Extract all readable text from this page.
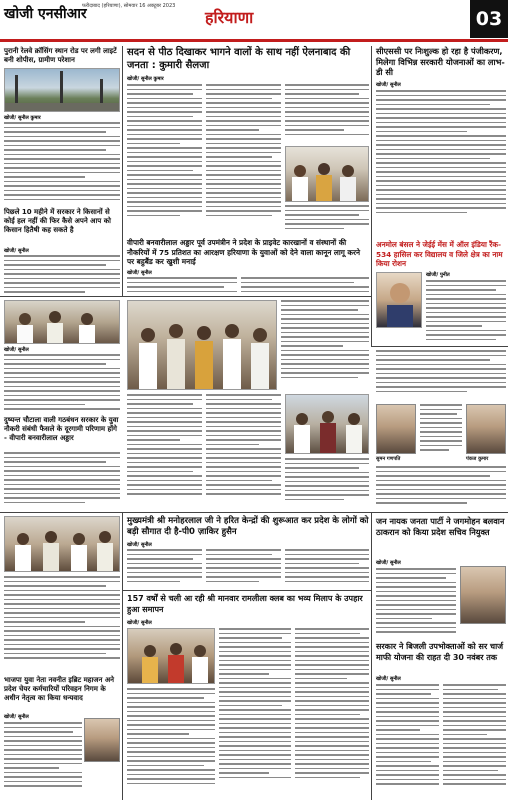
खोजी एनसीआर
फरीदाबाद (हरियाणा), सोमवार 16 अक्टूबर 2023
हरियाणा	03
पुरानी रेलवे क्रॉसिंग स्थान रोड पर लगी लाइटें बनी शोपीस, ग्रामीण परेशान
खोजी/ सुनील कुमार
पिछले 10 महीने में सरकार ने किसानों से कोई हल नहीं की फिर कैसे अपने आप को किसान हितैषी कह सकते है
खोजी/ सुनील
सदन से पीठ दिखाकर भागने वालों के साथ नहीं ऐलनाबाद की जनता : कुमारी सैलजा
खोजी/ सुनील कुमार
वीपारी बनवारीलाल अड्डार पूर्व उपमंत्रीन ने प्रदेश के प्राइवेट कारखानों व संस्थानों की नौकरियों में 75 प्रतिशत का आरक्षण हरियाणा के युवाओं को देने वाला कानून लागू करने पर बहुबैंड कर खुशी मनाई
खोजी/ सुनील
सीएससी पर निःशुल्क हो रहा है पंजीकरण, मिलेगा विभिन्न सरकारी योजनाओं का लाभ- डी सी
खोजी/ सुनील
अनमोल बंसल ने जेईई मेंस में ऑल इंडिया रैंक- 534 हासिल कर विद्यालय व जिले क्षेत्र का नाम किया रोशन
खोजी/ पुनीत
खोजी/ सुनील
दुष्यन्त चौटाला वाली गठबंधन सरकार के युवा नौकरी संबंधी फैसले के दूरगामी परिणाम होंगे - वीपारी बनवारीलाल अड्डार
सुमन गणपति	पंकज कुमार
मुख्यमंत्री श्री मनोहरलाल जी ने हरित केन्द्रों की शुरूआत कर प्रदेश के लोगों को बड़ी सौगात दी है-पी0 ज़ाकिर हुसैन
खोजी/ सुनील
भाजपा युवा नेता नवनीत इब्रिट महाजन अने प्रदेश चेयर कर्मचारियों परिवहन निगम के अधीन नेतृत्व का किया धन्यवाद
खोजी/ सुनील
157 वर्षों से चली आ रही श्री मानवार रामलीला क्लब का भव्य मिलाप के उपहार हुआ समापन
खोजी/ सुनील
जन नायक जनता पार्टी ने जगमोहन बलवान ठाकरान को किया प्रदेश सचिव नियुक्त
खोजी/ सुनील
सरकार ने बिजली उपभोक्ताओं को सर चार्ज माफी योजना की राहत दी 30 नवंबर तक
खोजी/ सुनील
